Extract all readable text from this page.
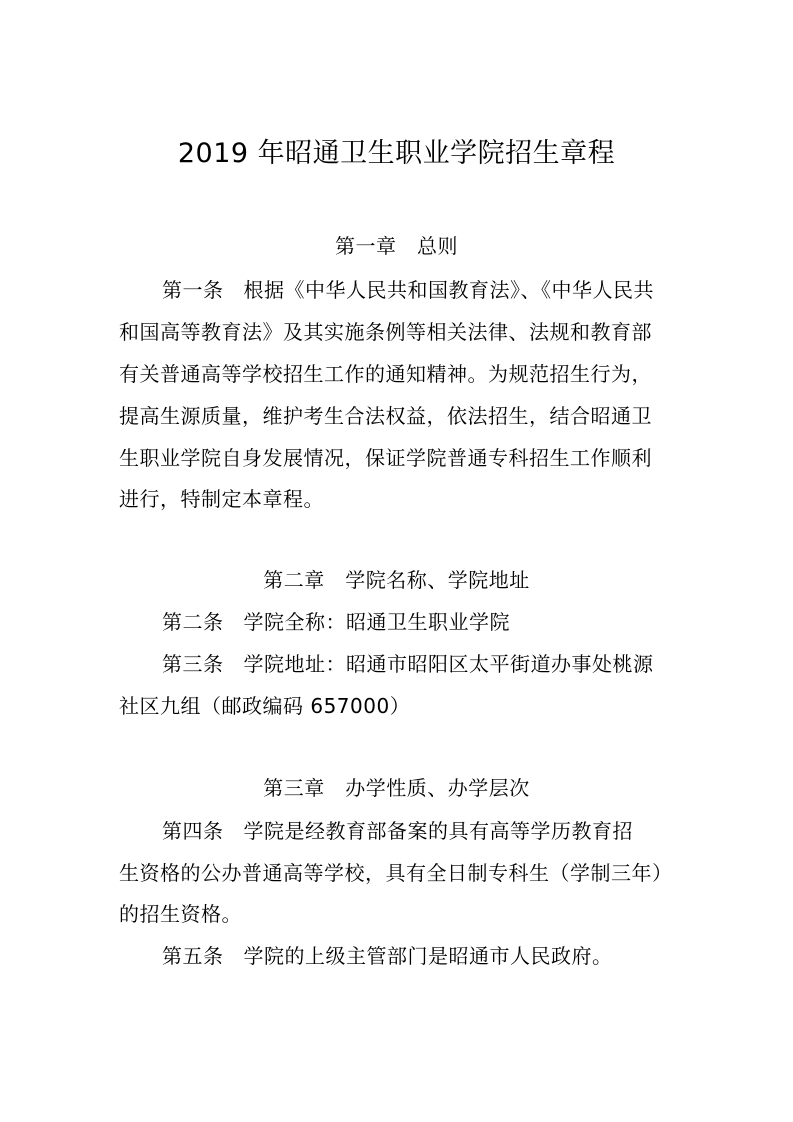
2019 年昭通卫生职业学院招生章程
第一章　总则
第一条 根据《中华人民共和国教育法》、《中华人民共
和国高等教育法》及其实施条例等相关法律、法规和教育部
有关普通高等学校招生工作的通知精神。为规范招生行为，
提高生源质量，维护考生合法权益，依法招生，结合昭通卫
生职业学院自身发展情况，保证学院普通专科招生工作顺利
进行，特制定本章程。
第二章　学院名称、学院地址
第二条 学院全称：昭通卫生职业学院
第三条 学院地址：昭通市昭阳区太平街道办事处桃源
社区九组（邮政编码 657000）
第三章　办学性质、办学层次
第四条 学院是经教育部备案的具有高等学历教育招
生资格的公办普通高等学校，具有全日制专科生（学制三年）
的招生资格。
第五条 学院的上级主管部门是昭通市人民政府。
